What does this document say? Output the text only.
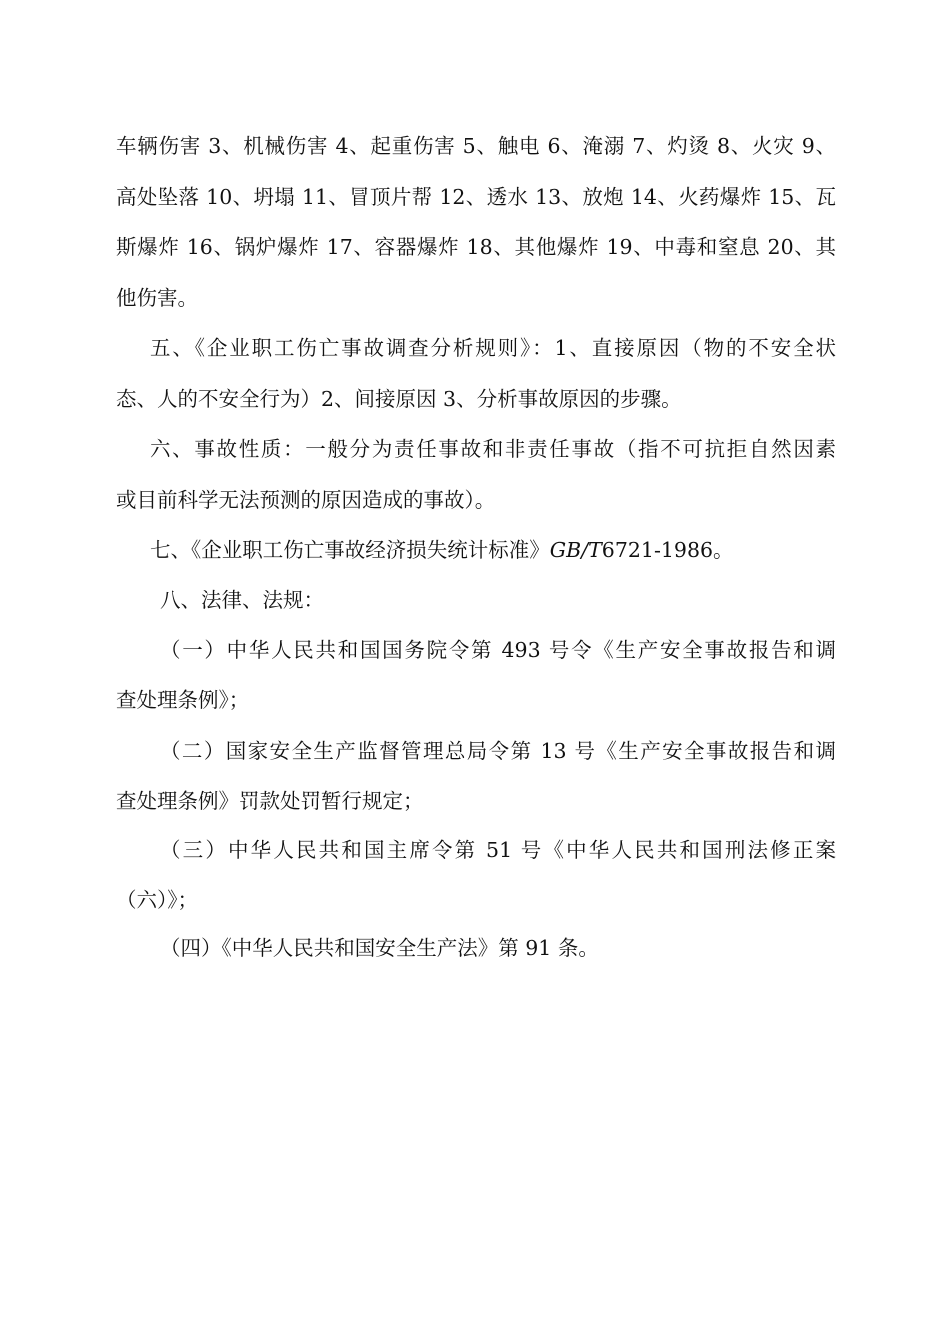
车辆伤害 3、机械伤害 4、起重伤害 5、触电 6、淹溺 7、灼烫 8、火灾 9、
高处坠落 10、坍塌 11、冒顶片帮 12、透水 13、放炮 14、火药爆炸 15、瓦
斯爆炸 16、锅炉爆炸 17、容器爆炸 18、其他爆炸 19、中毒和窒息 20、其
他伤害。
五、《企业职工伤亡事故调查分析规则》：1、直接原因（物的不安全状
态、人的不安全行为）2、间接原因 3、分析事故原因的步骤。
六、事故性质：一般分为责任事故和非责任事故（指不可抗拒自然因素
或目前科学无法预测的原因造成的事故）。
七、《企业职工伤亡事故经济损失统计标准》GB/T6721-1986。
八、法律、法规：
（一）中华人民共和国国务院令第 493 号令《生产安全事故报告和调
查处理条例》；
（二）国家安全生产监督管理总局令第 13 号《生产安全事故报告和调
查处理条例》罚款处罚暂行规定；
（三）中华人民共和国主席令第 51 号《中华人民共和国刑法修正案
（六）》；
（四）《中华人民共和国安全生产法》第 91 条。
